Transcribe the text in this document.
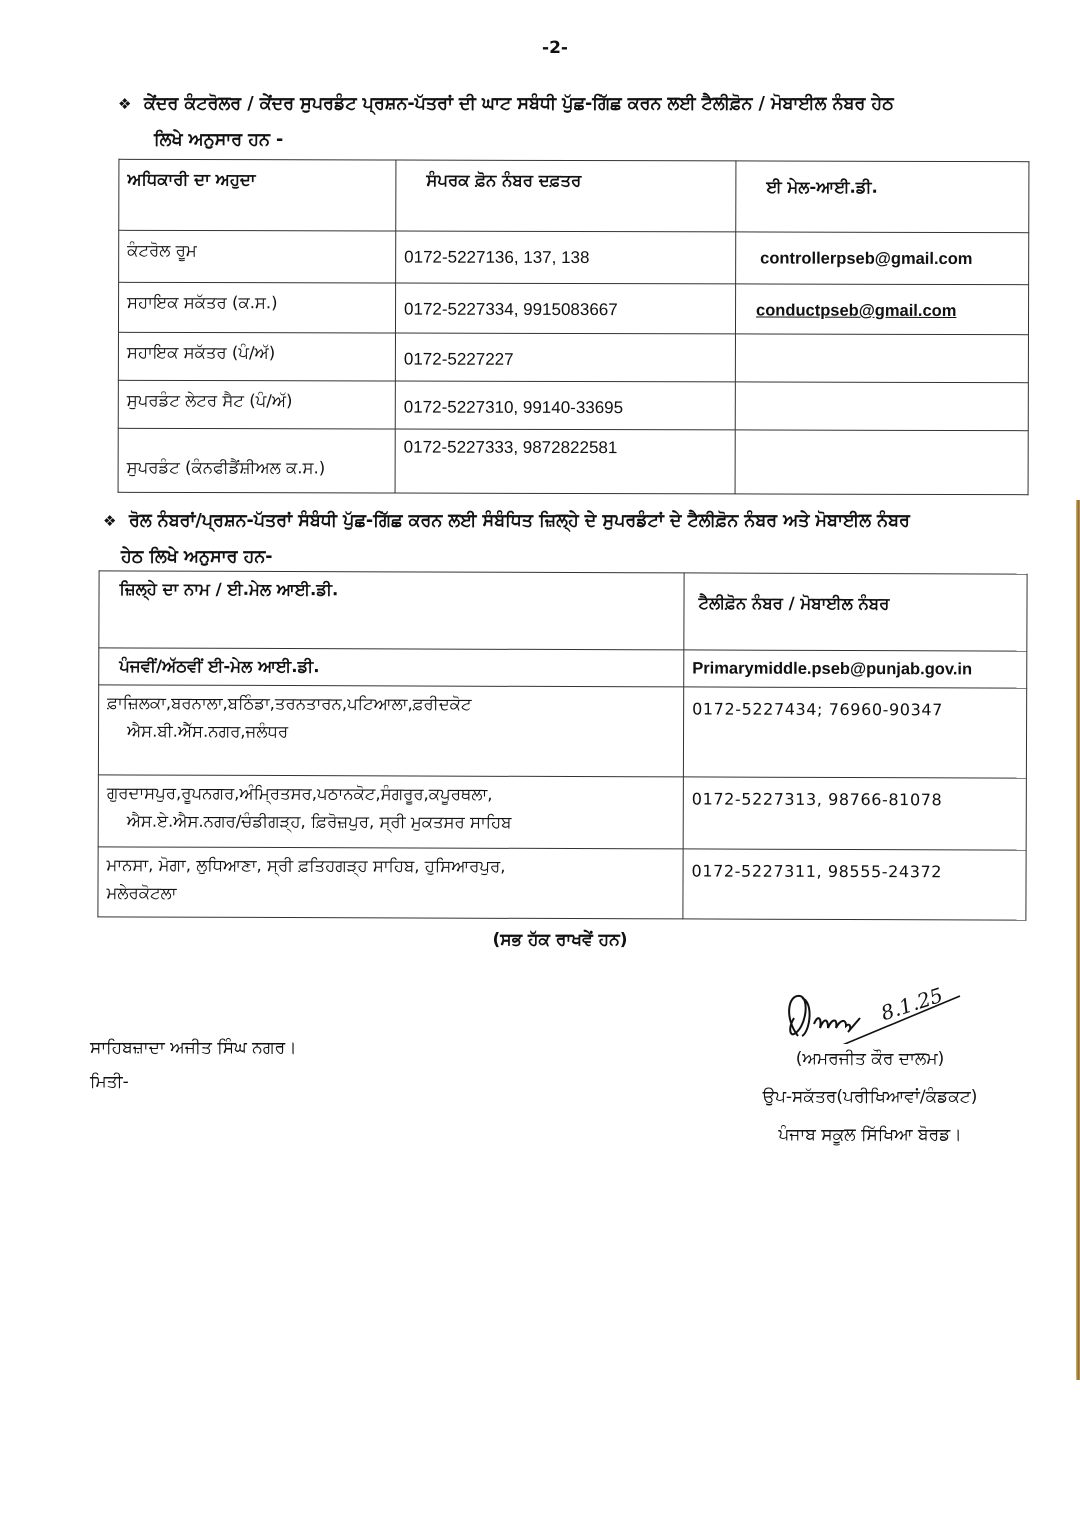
-2-
❖ ਕੇਂਦਰ ਕੰਟਰੋਲਰ / ਕੇਂਦਰ ਸੁਪਰਡੰਟ ਪ੍ਰਸ਼ਨ-ਪੱਤਰਾਂ ਦੀ ਘਾਟ ਸਬੰਧੀ ਪੁੱਛ-ਗਿੱਛ ਕਰਨ ਲਈ ਟੈਲੀਫ਼ੋਨ / ਮੋਬਾਈਲ ਨੰਬਰ ਹੇਠ
ਲਿਖੇ ਅਨੁਸਾਰ ਹਨ -
ਅਧਿਕਾਰੀ ਦਾ ਅਹੁਦਾ	ਸੰਪਰਕ ਫ਼ੋਨ ਨੰਬਰ ਦਫ਼ਤਰ	ਈ ਮੇਲ-ਆਈ.ਡੀ.
ਕੰਟਰੋਲ ਰੂਮ	0172-5227136, 137, 138	controllerpseb@gmail.com
ਸਹਾਇਕ ਸਕੱਤਰ (ਕ.ਸ.)	0172-5227334, 9915083667	conductpseb@gmail.com
ਸਹਾਇਕ ਸਕੱਤਰ (ਪੰ/ਅੱ)	0172-5227227	
ਸੁਪਰਡੰਟ ਲੇਟਰ ਸੈਟ (ਪੰ/ਅੱ)	0172-5227310, 99140-33695	
ਸੁਪਰਡੰਟ (ਕੰਨਫੀਡੈਂਸ਼ੀਅਲ ਕ.ਸ.)	0172-5227333, 9872822581	
❖ ਰੋਲ ਨੰਬਰਾਂ/ਪ੍ਰਸ਼ਨ-ਪੱਤਰਾਂ ਸੰਬੰਧੀ ਪੁੱਛ-ਗਿੱਛ ਕਰਨ ਲਈ ਸੰਬੰਧਿਤ ਜ਼ਿਲ੍ਹੇ ਦੇ ਸੁਪਰਡੰਟਾਂ ਦੇ ਟੈਲੀਫ਼ੋਨ ਨੰਬਰ ਅਤੇ ਮੋਬਾਈਲ ਨੰਬਰ
ਹੇਠ ਲਿਖੇ ਅਨੁਸਾਰ ਹਨ-
ਜ਼ਿਲ੍ਹੇ ਦਾ ਨਾਮ / ਈ.ਮੇਲ ਆਈ.ਡੀ.	ਟੈਲੀਫ਼ੋਨ ਨੰਬਰ / ਮੋਬਾਈਲ ਨੰਬਰ
ਪੰਜਵੀਂ/ਅੱਠਵੀਂ ਈ-ਮੇਲ ਆਈ.ਡੀ.	Primarymiddle.pseb@punjab.gov.in
ਫ਼ਾਜ਼ਿਲਕਾ,ਬਰਨਾਲਾ,ਬਠਿੰਡਾ,ਤਰਨਤਾਰਨ,ਪਟਿਆਲਾ,ਫ਼ਰੀਦਕੋਟ
ਐਸ.ਬੀ.ਐੱਸ.ਨਗਰ,ਜਲੰਧਰ	0172-5227434; 76960-90347
ਗੁਰਦਾਸਪੁਰ,ਰੂਪਨਗਰ,ਅੰਮ੍ਰਿਤਸਰ,ਪਠਾਨਕੋਟ,ਸੰਗਰੂਰ,ਕਪੂਰਥਲਾ,
ਐਸ.ਏ.ਐਸ.ਨਗਰ/ਚੰਡੀਗੜ੍ਹ, ਫ਼ਿਰੋਜ਼ਪੁਰ, ਸ੍ਰੀ ਮੁਕਤਸਰ ਸਾਹਿਬ	0172-5227313, 98766-81078
ਮਾਨਸਾ, ਮੋਗਾ, ਲੁਧਿਆਣਾ, ਸ੍ਰੀ ਫ਼ਤਿਹਗੜ੍ਹ ਸਾਹਿਬ, ਹੁਸਿਆਰਪੁਰ,
ਮਲੇਰਕੋਟਲਾ	0172-5227311, 98555-24372
(ਸਭ ਹੱਕ ਰਾਖਵੇਂ ਹਨ)
ਸਾਹਿਬਜ਼ਾਦਾ ਅਜੀਤ ਸਿੰਘ ਨਗਰ।
ਮਿਤੀ-
8.1.25
(ਅਮਰਜੀਤ ਕੌਰ ਦਾਲਮ)
ਉਪ-ਸਕੱਤਰ(ਪਰੀਖਿਆਵਾਂ/ਕੰਡਕਟ)
ਪੰਜਾਬ ਸਕੂਲ ਸਿੱਖਿਆ ਬੋਰਡ।
